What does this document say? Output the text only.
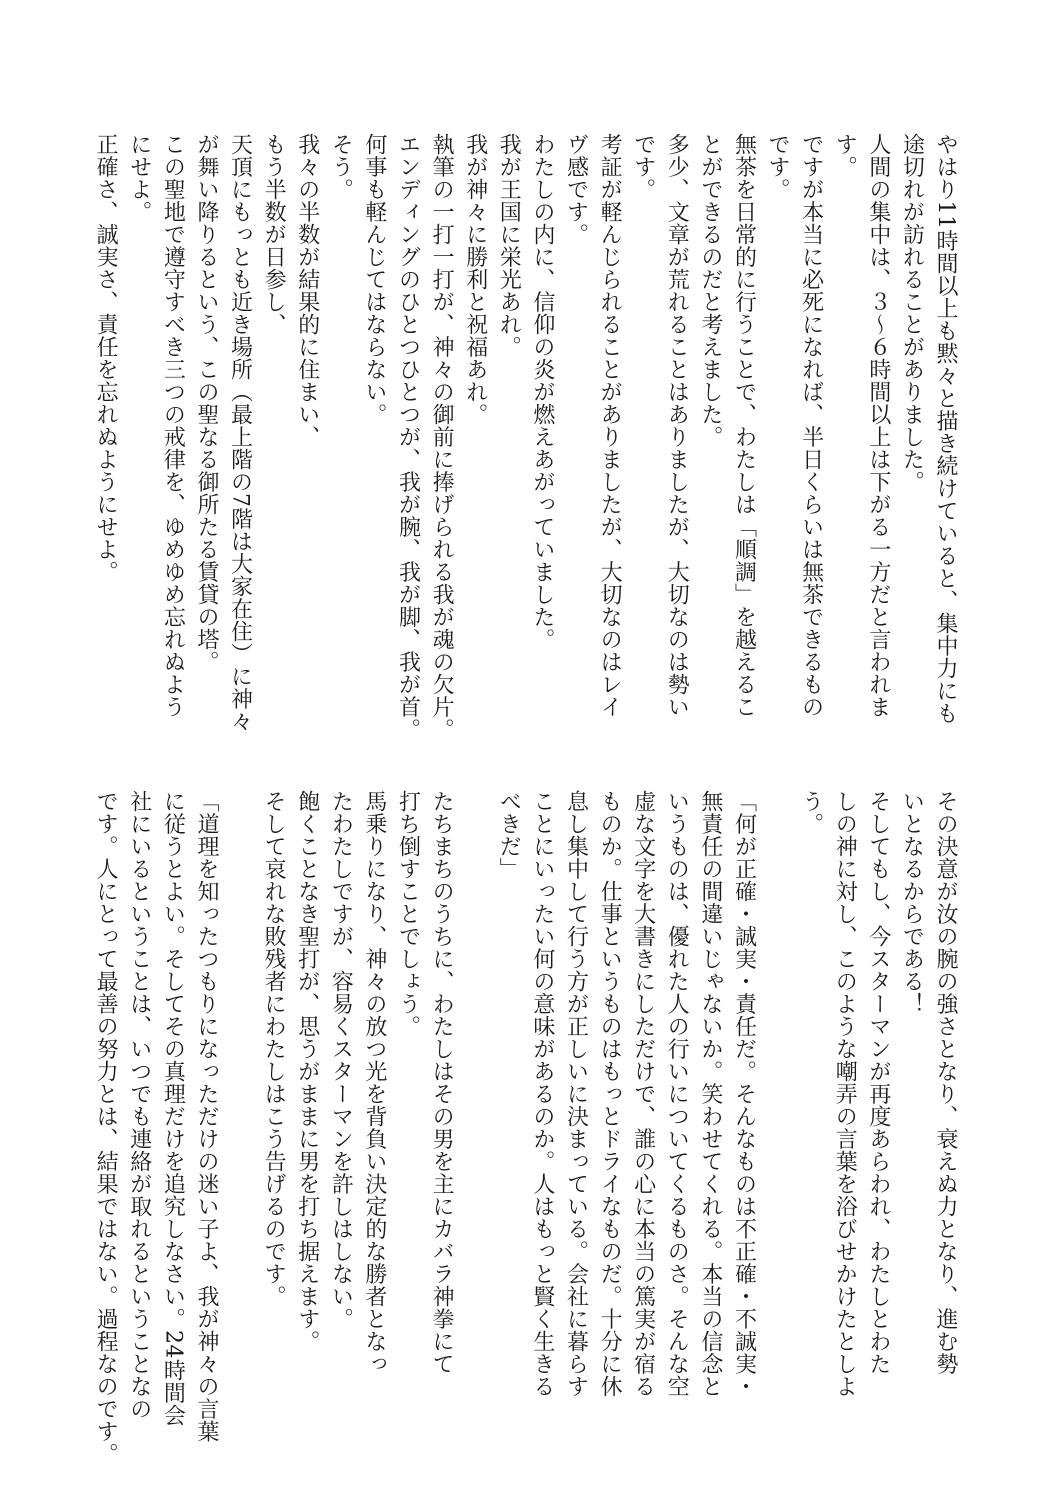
やはり11時間以上も黙々と描き続けていると、集中力にも
途切れが訪れることがありました。
人間の集中は、３～６時間以上は下がる一方だと言われま
す。
ですが本当に必死になれば、半日くらいは無茶できるもの
です。
無茶を日常的に行うことで、わたしは「順調」を越えるこ
とができるのだと考えました。
多少、文章が荒れることはありましたが、大切なのは勢い
です。
考証が軽んじられることがありましたが、大切なのはレイ
ヴ感です。
わたしの内に、信仰の炎が燃えあがっていました。
我が王国に栄光あれ。
我が神々に勝利と祝福あれ。
執筆の一打一打が、神々の御前に捧げられる我が魂の欠片。
エンディングのひとつひとつが、我が腕、我が脚、我が首。
何事も軽んじてはならない。
そう。
我々の半数が結果的に住まい、
もう半数が日参し、
天頂にもっとも近き場所（最上階の7階は大家在住）に神々
が舞い降りるという、この聖なる御所たる賃貸の塔。
この聖地で遵守すべき三つの戒律を、ゆめゆめ忘れぬよう
にせよ。
正確さ、誠実さ、責任を忘れぬようにせよ。
その決意が汝の腕の強さとなり、衰えぬ力となり、進む勢
いとなるからである！
そしてもし、今スターマンが再度あらわれ、わたしとわた
しの神に対し、このような嘲弄の言葉を浴びせかけたとしよ
う。
「何が正確・誠実・責任だ。そんなものは不正確・不誠実・
無責任の間違いじゃないか。笑わせてくれる。本当の信念と
いうものは、優れた人の行いについてくるものさ。そんな空
虚な文字を大書きにしただけで、誰の心に本当の篤実が宿る
ものか。仕事というものはもっとドライなものだ。十分に休
息し集中して行う方が正しいに決まっている。会社に暮らす
ことにいったい何の意味があるのか。人はもっと賢く生きる
べきだ」
たちまちのうちに、わたしはその男を主にカバラ神拳にて
打ち倒すことでしょう。
馬乗りになり、神々の放つ光を背負い決定的な勝者となっ
たわたしですが、容易くスターマンを許しはしない。
飽くことなき聖打が、思うがままに男を打ち据えます。
そして哀れな敗残者にわたしはこう告げるのです。
「道理を知ったつもりになっただけの迷い子よ、我が神々の言葉
に従うとよい。そしてその真理だけを追究しなさい。24時間会
社にいるということは、いつでも連絡が取れるということなの
です。人にとって最善の努力とは、結果ではない。過程なのです。
